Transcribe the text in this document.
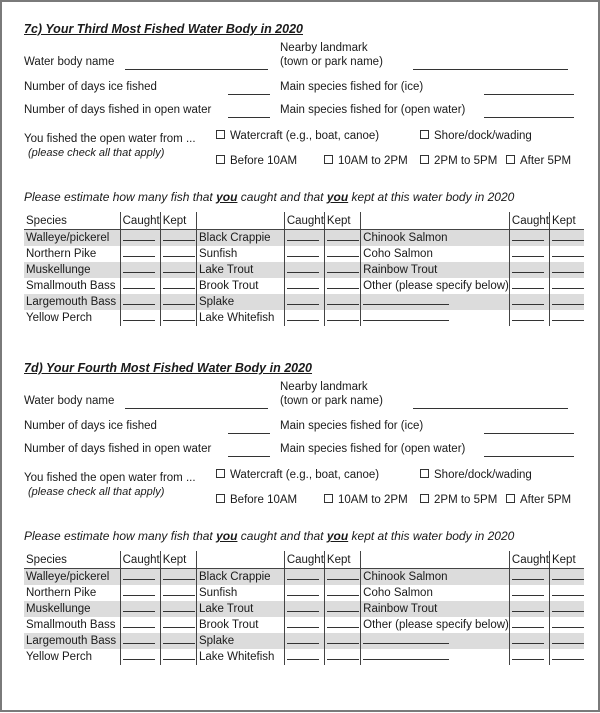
7c) Your Third Most Fished Water Body in 2020
Water body name
Nearby landmark
(town or park name)
Number of days ice fished	Main species fished for (ice)
Number of days fished in open water	Main species fished for (open water)
You fished the open water from ...
(please check all that apply)
Watercraft (e.g., boat, canoe)	Shore/dock/wading
Before 10AM	10AM to 2PM	2PM to 5PM	After 5PM
Please estimate how many fish that you caught and that you kept at this water body in 2020
Species	Caught	Kept		Caught	Kept		Caught	Kept
Walleye/pickerel			Black Crappie			Chinook Salmon		
Northern Pike			Sunfish			Coho Salmon		
Muskellunge			Lake Trout			Rainbow Trout		
Smallmouth Bass			Brook Trout			Other (please specify below)		
Largemouth Bass			Splake					
Yellow Perch			Lake Whitefish					
7d) Your Fourth Most Fished Water Body in 2020
Water body name
Nearby landmark
(town or park name)
Number of days ice fished	Main species fished for (ice)
Number of days fished in open water	Main species fished for (open water)
You fished the open water from ...
(please check all that apply)
Watercraft (e.g., boat, canoe)	Shore/dock/wading
Before 10AM	10AM to 2PM	2PM to 5PM	After 5PM
Please estimate how many fish that you caught and that you kept at this water body in 2020
Species	Caught	Kept		Caught	Kept		Caught	Kept
Walleye/pickerel			Black Crappie			Chinook Salmon		
Northern Pike			Sunfish			Coho Salmon		
Muskellunge			Lake Trout			Rainbow Trout		
Smallmouth Bass			Brook Trout			Other (please specify below)		
Largemouth Bass			Splake					
Yellow Perch			Lake Whitefish					
